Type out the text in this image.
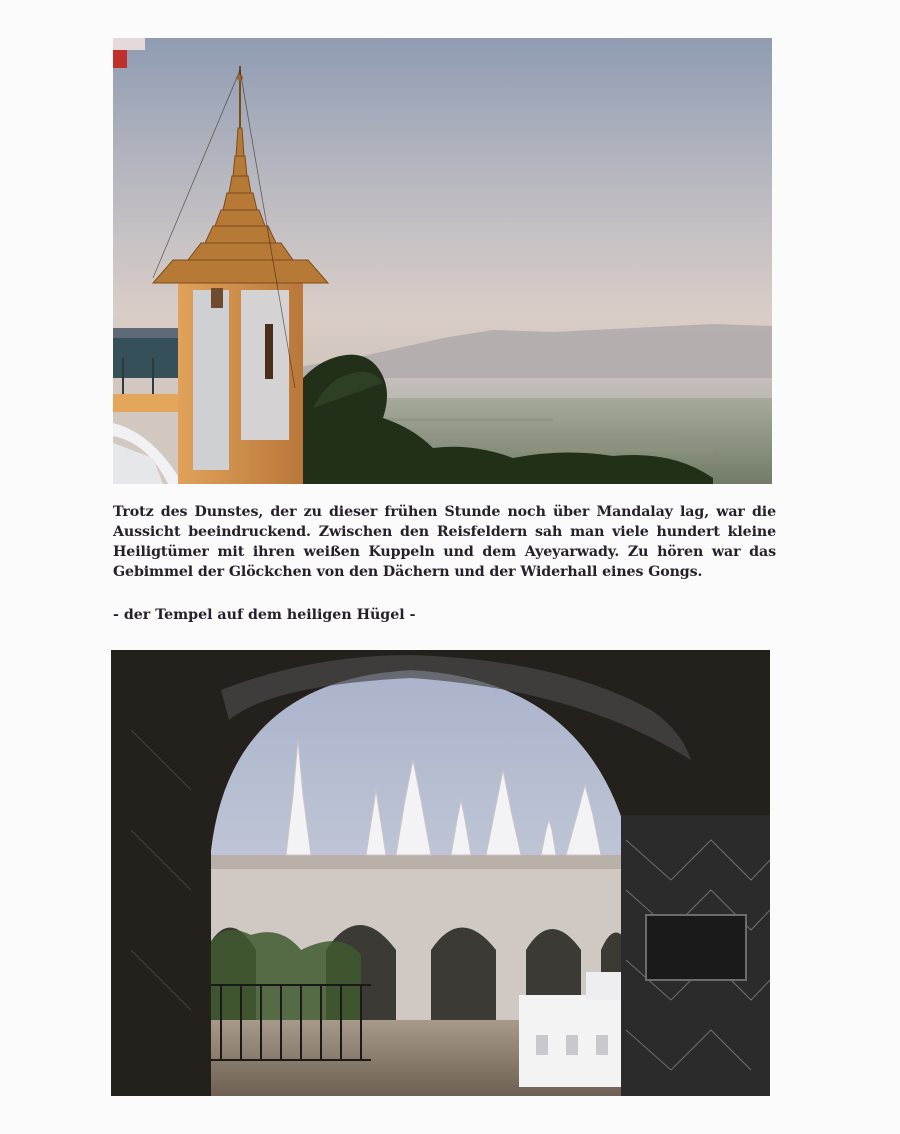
Trotz des Dunstes, der zu dieser frühen Stunde noch über Mandalay lag, war die Aussicht beeindruckend. Zwischen den Reisfeldern sah man viele hundert kleine Heiligtümer mit ihren weißen Kuppeln und dem Ayeyarwady. Zu hören war das Gebimmel der Glöckchen von den Dächern und der Widerhall eines Gongs.
- der Tempel auf dem heiligen Hügel -
